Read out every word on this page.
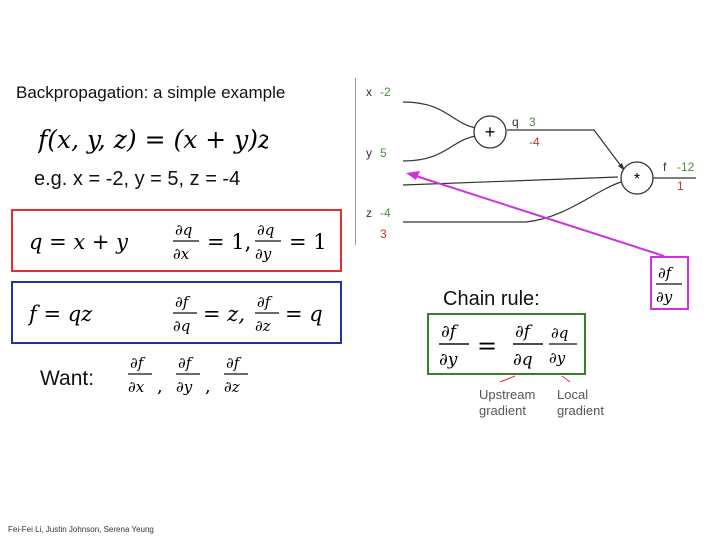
Backpropagation: a simple example
f(x, y, z) = (x + y)z
e.g. x = -2, y = 5, z = -4
q = x + y	∂q
∂x = 1, ∂q
∂y = 1
f = qz	∂f
∂q = z, ∂f
∂z = q
Want:
∂f
∂x ,
∂f
∂y ,
∂f
∂z
+
*
x -2
y 5
z -4
3
q 3
-4
f -12
1
∂f
∂y
Chain rule:
∂f
∂y = ∂f
∂q
∂q
∂y
Upstream
gradient
Local
gradient
Fei-Fei Li, Justin Johnson, Serena Yeung
